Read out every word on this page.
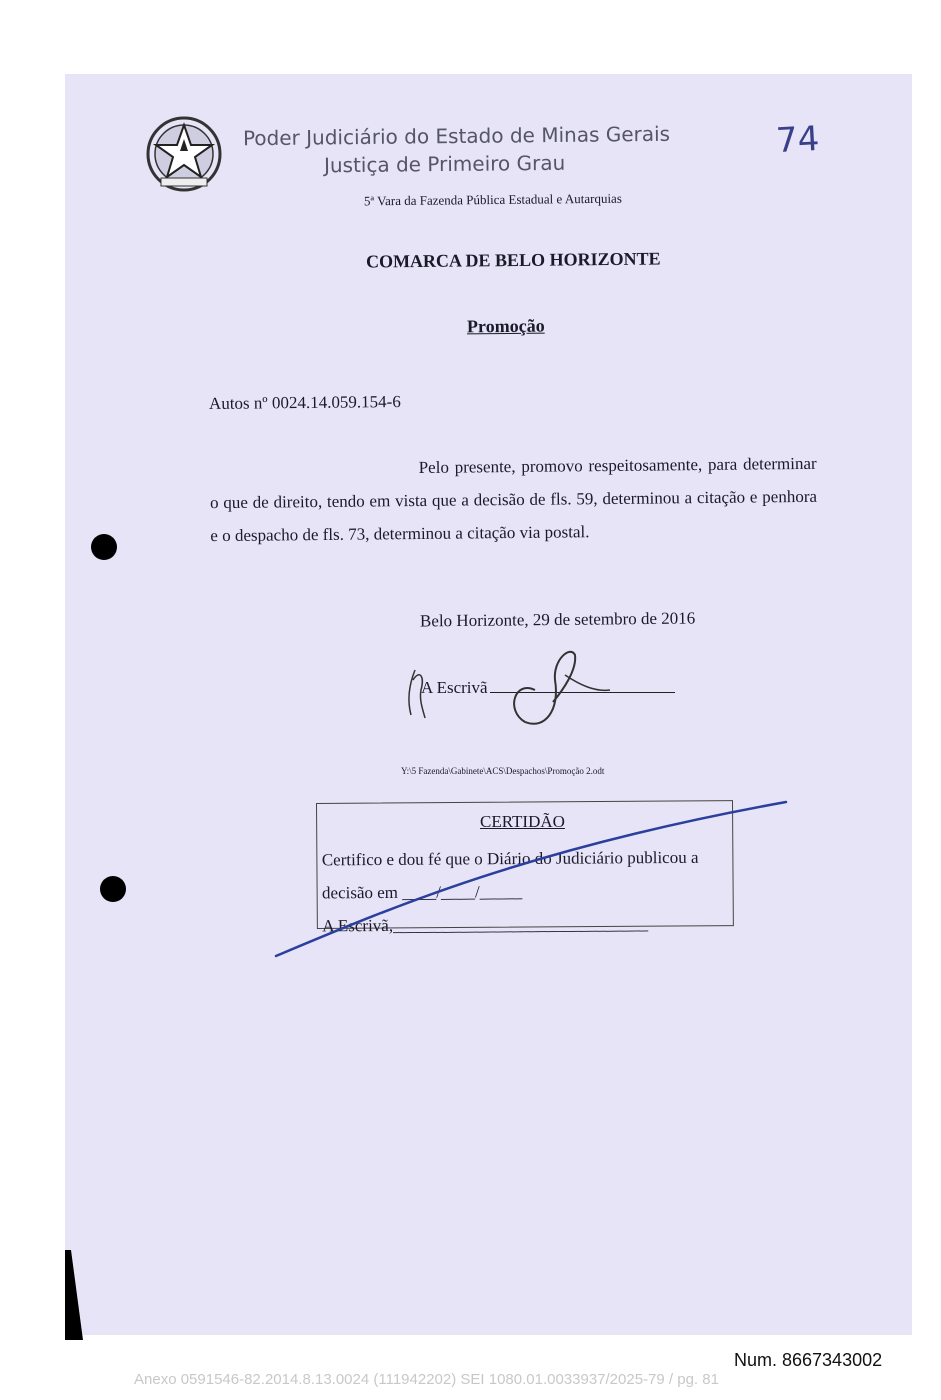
Poder Judiciário do Estado de Minas Gerais
Justiça de Primeiro Grau
74
5ª Vara da Fazenda Pública Estadual e Autarquias
COMARCA DE BELO HORIZONTE
Promoção
Autos nº 0024.14.059.154-6

Pelo presente, promovo respeitosamente, para determinar o que de direito, tendo em vista que a decisão de fls. 59, determinou a citação e penhora e o despacho de fls. 73, determinou a citação via postal.

Belo Horizonte, 29 de setembro de 2016
A Escrivã
Y:\5 Fazenda\Gabinete\ACS\Despachos\Promoção 2.odt
CERTIDÃO
Certifico e dou fé que o Diário do Judiciário publicou a
decisão em ____/____/_____
A Escrivã,______________________________
Num. 8667343002
Anexo 0591546-82.2014.8.13.0024 (111942202) SEI 1080.01.0033937/2025-79 / pg. 81
